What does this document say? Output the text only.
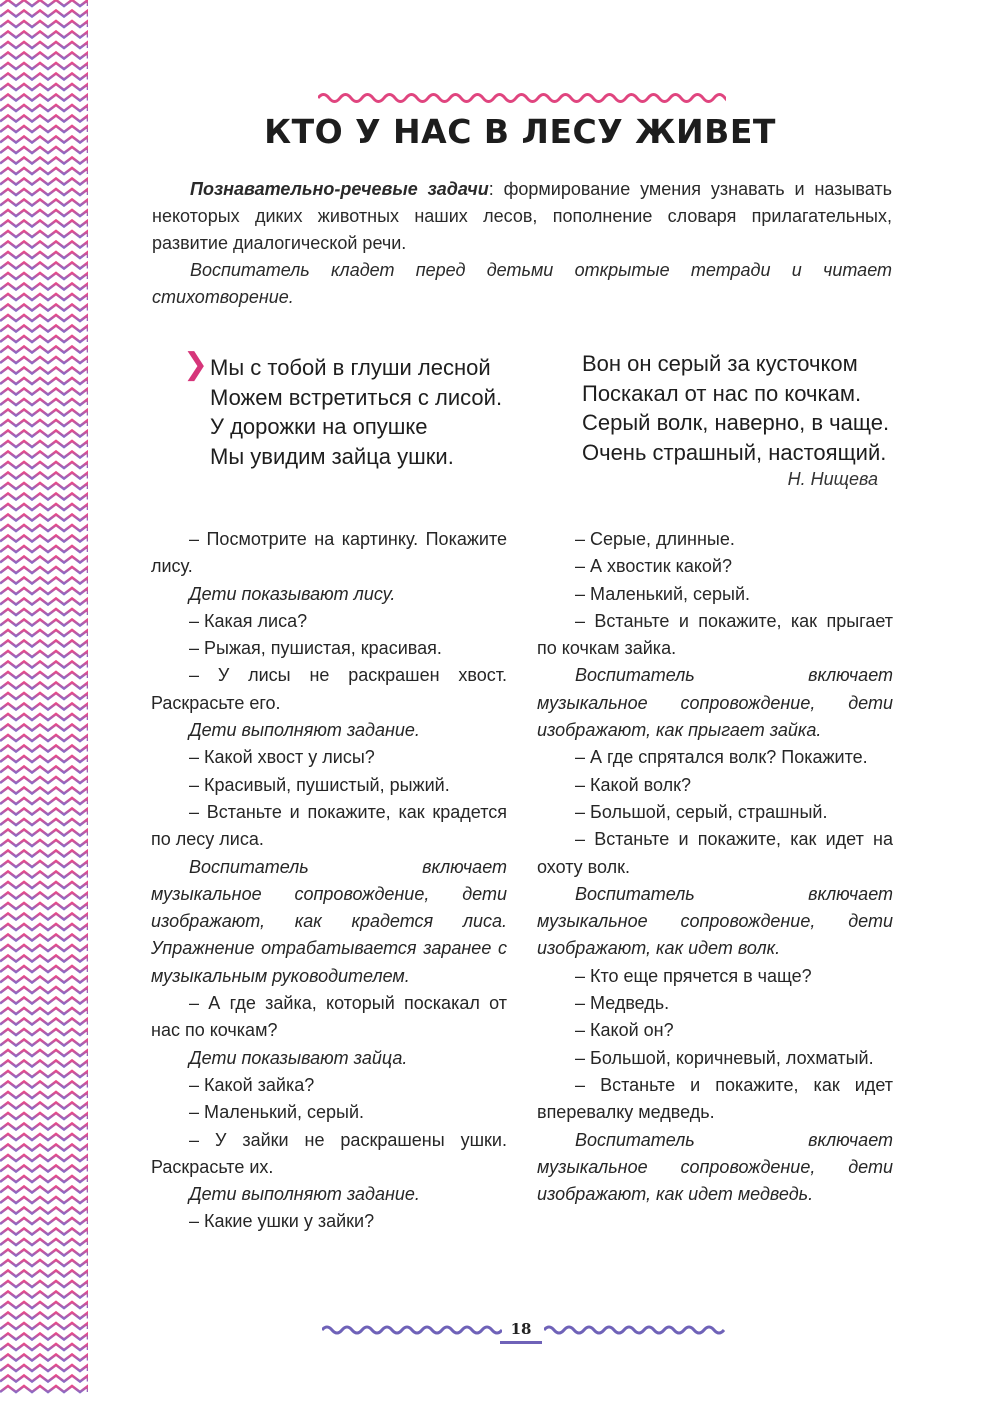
КТО У НАС В ЛЕСУ ЖИВЕТ

Познавательно-речевые задачи: формирование умения узнавать и называть некоторых диких животных наших лесов, пополнение словаря прилагательных, развитие диалогической речи.

Воспитатель кладет перед детьми открытые тетради и читает стихотворение.

❯ Мы с тобой в глуши лесной
Можем встретиться с лисой.
У дорожки на опушке
Мы увидим зайца ушки.
Вон он серый за кусточком
Поскакал от нас по кочкам.
Серый волк, наверно, в чаще.
Очень страшный, настоящий.
Н. Нищева

– Посмотрите на картинку. Покажите лису.

Дети показывают лису.

– Какая лиса?

– Рыжая, пушистая, красивая.

– У лисы не раскрашен хвост. Раскрасьте его.

Дети выполняют задание.

– Какой хвост у лисы?

– Красивый, пушистый, рыжий.

– Встаньте и покажите, как крадется по лесу лиса.

Воспитатель включает музыкальное сопровождение, дети изображают, как крадется лиса. Упражнение отрабатывается заранее с музыкальным руководителем.

– А где зайка, который поскакал от нас по кочкам?

Дети показывают зайца.

– Какой зайка?

– Маленький, серый.

– У зайки не раскрашены ушки. Раскрасьте их.

Дети выполняют задание.

– Какие ушки у зайки?

– Серые, длинные.

– А хвостик какой?

– Маленький, серый.

– Встаньте и покажите, как прыгает по кочкам зайка.

Воспитатель включает музыкальное сопровождение, дети изображают, как прыгает зайка.

– А где спрятался волк? Покажите.

– Какой волк?

– Большой, серый, страшный.

– Встаньте и покажите, как идет на охоту волк.

Воспитатель включает музыкальное сопровождение, дети изображают, как идет волк.

– Кто еще прячется в чаще?

– Медведь.

– Какой он?

– Большой, коричневый, лохматый.

– Встаньте и покажите, как идет вперевалку медведь.

Воспитатель включает музыкальное сопровождение, дети изображают, как идет медведь.

18
